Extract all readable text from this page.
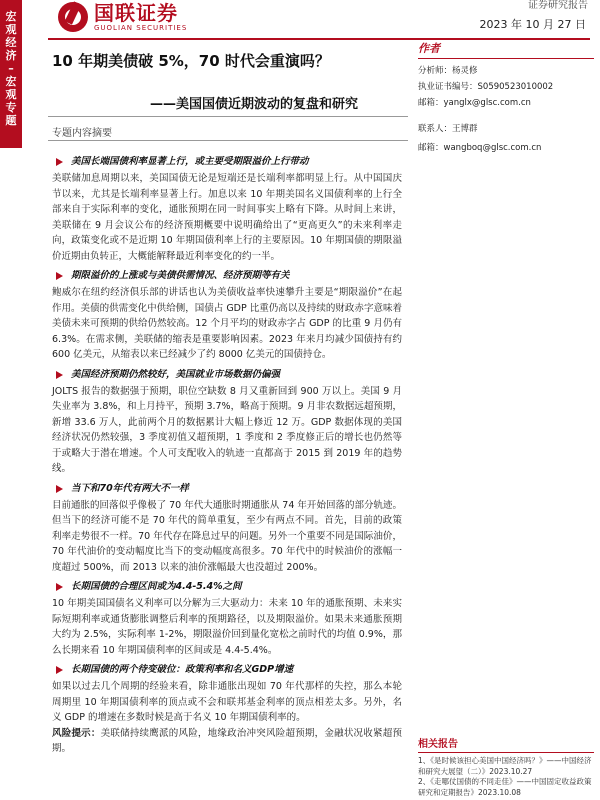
宏
观
经
济
–
宏
观
专
题
国联证券
GUOLIAN SECURITIES
证券研究报告
2023 年 10 月 27 日
10 年期美债破 5%，70 时代会重演吗？
——美国国债近期波动的复盘和研究
专题内容摘要
美国长端国债利率显著上行，或主要受期限溢价上行带动
美联储加息周期以来，美国国债无论是短端还是长端利率都明显上行。从中国国庆节以来，尤其是长端利率显著上行。加息以来 10 年期美国名义国债利率的上行全部来自于实际利率的变化，通胀预期在同一时间事实上略有下降。从时间上来讲，美联储在 9 月会议公布的经济预期概要中说明确给出了“更高更久”的未来利率走向，政策变化或不是近期 10 年期国债利率上行的主要原因。10 年期国债的期限溢价近期由负转正，大概能解释最近利率变化的约一半。
期限溢价的上涨或与美债供需情况、经济预期等有关
鲍威尔在纽约经济俱乐部的讲话也认为美债收益率快速攀升主要是“期限溢价”在起作用。美债的供需变化中供给侧，国债占 GDP 比重仍高以及持续的财政赤字意味着美债未来可预期的供给仍然较高。12 个月平均的财政赤字占 GDP 的比重 9 月仍有 6.3%。在需求侧，美联储的缩表是重要影响因素。2023 年来月均减少国债持有约 600 亿美元，从缩表以来已经减少了约 8000 亿美元的国债持仓。
美国经济预期仍然较好，美国就业市场数据仍偏强
JOLTS 报告的数据强于预期，职位空缺数 8 月又重新回到 900 万以上。美国 9 月失业率为 3.8%，和上月持平，预期 3.7%，略高于预期。9 月非农数据远超预期，新增 33.6 万人，此前两个月的数据累计大幅上修近 12 万。GDP 数据体现的美国经济状况仍然较强，3 季度初值又超预期，1 季度和 2 季度修正后的增长也仍然等于或略大于潜在增速。个人可支配收入的轨迹一直都高于 2015 到 2019 年的趋势线。
当下和70年代有两大不一样
目前通胀的回落似乎像极了 70 年代大通胀时期通胀从 74 年开始回落的部分轨迹。但当下的经济可能不是 70 年代的简单重复，至少有两点不同。首先，目前的政策利率走势很不一样。70 年代存在降息过早的问题。另外一个重要不同是国际油价，70 年代油价的变动幅度比当下的变动幅度高很多。70 年代中的时候油价的涨幅一度超过 500%，而 2013 以来的油价涨幅最大也没超过 200%。
长期国债的合理区间或为4.4-5.4%之间
10 年期美国国债名义利率可以分解为三大驱动力：未来 10 年的通胀预期、未来实际短期利率或通货膨胀调整后利率的预期路径，以及期限溢价。如果未来通胀预期大约为 2.5%，实际利率 1-2%，期限溢价回到量化宽松之前时代的均值 0.9%，那么长期来看 10 年期国债利率的区间或是 4.4-5.4%。
长期国债的两个待变破位：政策利率和名义GDP增速
如果以过去几个周期的经验来看，除非通胀出现如 70 年代那样的失控，那么本轮周期里 10 年期国债利率的顶点或不会和联邦基金利率的顶点相差太多。另外，名义 GDP 的增速在多数时候是高于名义 10 年期国债利率的。
风险提示：美联储持续鹰派的风险，地缘政治冲突风险超预期，金融状况收紧超预期。
作者
分析师：杨灵修
执业证书编号：S0590523010002
邮箱：yanglx@glsc.com.cn
联系人：王博群
邮箱：wangboq@glsc.com.cn
相关报告
1、《是时候该担心美国中国经济吗？》——中国经济和研究大展望（二）》2023.10.27
2、《走哪仗国债的不同走佳》——中国固定收益政策研究和定期报告》2023.10.08
